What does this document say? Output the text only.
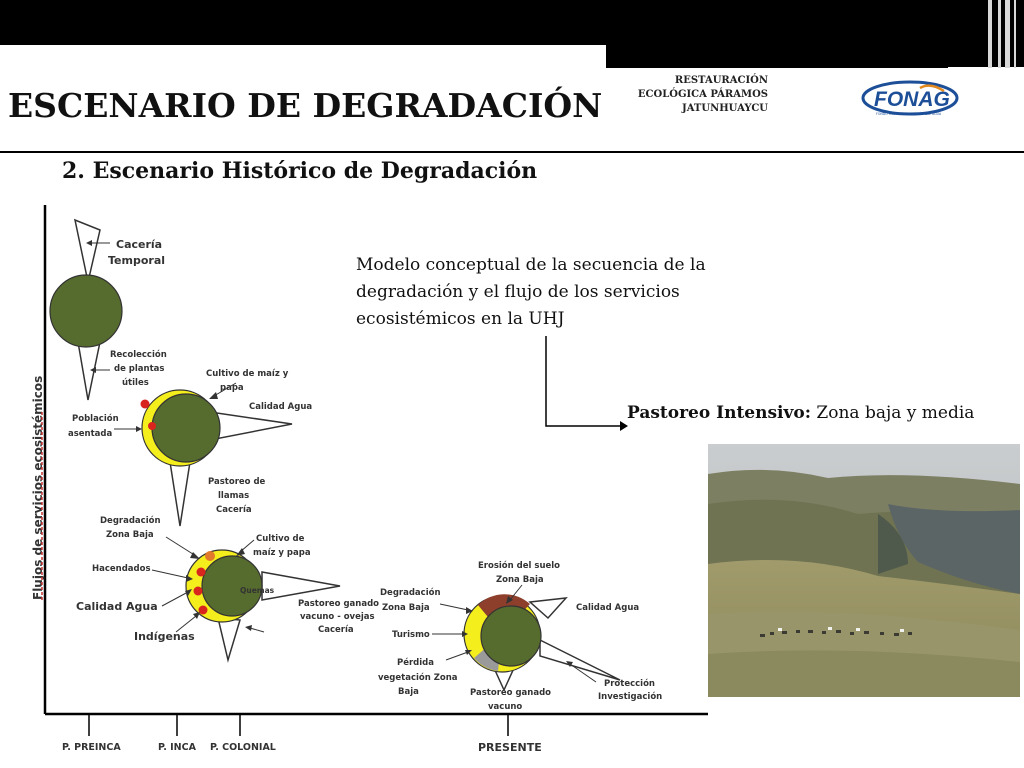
ESCENARIO DE DEGRADACIÓN
RESTAURACIÓN
ECOLÓGICA PÁRAMOS
JATUNHUAYCU	FONAG
FONDO PARA LA PROTECCIÓN DEL AGUA
2. Escenario Histórico de Degradación
Modelo conceptual de la secuencia de la degradación y el flujo de los servicios ecosistémicos en la UHJ
Pastoreo Intensivo: Zona baja y media
Flujos de servicios ecosistémicos
P. PREINCA	P. INCA P. COLONIAL	PRESENTE
Cacería
Temporal
Recolección
de plantas
útiles
Cultivo de maíz y
papa
Calidad Agua
Población
asentada
Pastoreo de
llamas
Cacería
Degradación
Zona Baja	Cultivo de
maíz y papa
Hacendados
Calidad Agua
Indígenas
Quemas
Pastoreo ganado
vacuno - ovejas
Cacería
Erosión del suelo
Zona Baja
Degradación
Zona Baja
Turismo
Pérdida
vegetación Zona
Baja
Calidad Agua
Protección
Investigación
Pastoreo ganado
vacuno
